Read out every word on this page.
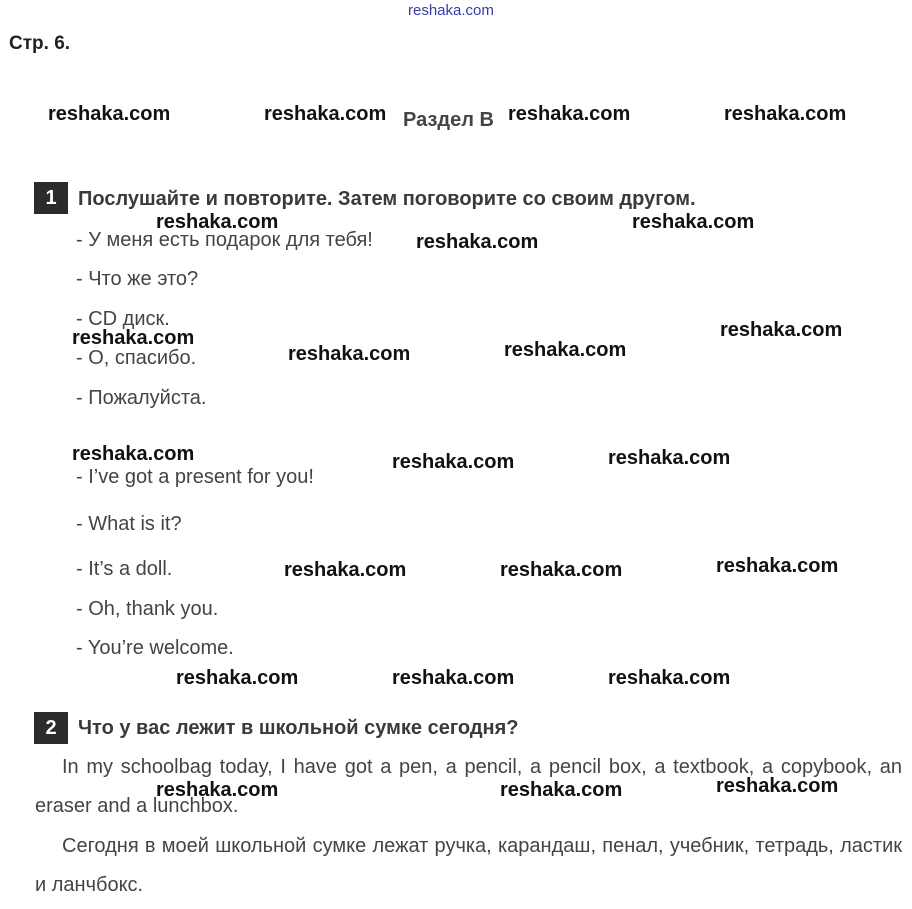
reshaka.com
Стр. 6.
Раздел B
1	Послушайте и повторите. Затем поговорите со своим другом.
- У меня есть подарок для тебя!
- Что же это?
- CD диск.
- О, спасибо.
- Пожалуйста.
- I’ve got a present for you!
- What is it?
- It’s a doll.
- Oh, thank you.
- You’re welcome.
2	Что у вас лежит в школьной сумке сегодня?
In my schoolbag today, I have got a pen, a pencil, a pencil box, a textbook, a copybook, an eraser and a lunchbox.
Сегодня в моей школьной сумке лежат ручка, карандаш, пенал, учебник, тетрадь, ластик и ланчбокс.
reshaka.com	reshaka.com	reshaka.com	reshaka.com
reshaka.com	reshaka.com
reshaka.com
reshaka.com	reshaka.com
reshaka.com	reshaka.com
reshaka.com	reshaka.com	reshaka.com
reshaka.com	reshaka.com	reshaka.com
reshaka.com	reshaka.com	reshaka.com
reshaka.com	reshaka.com	reshaka.com
